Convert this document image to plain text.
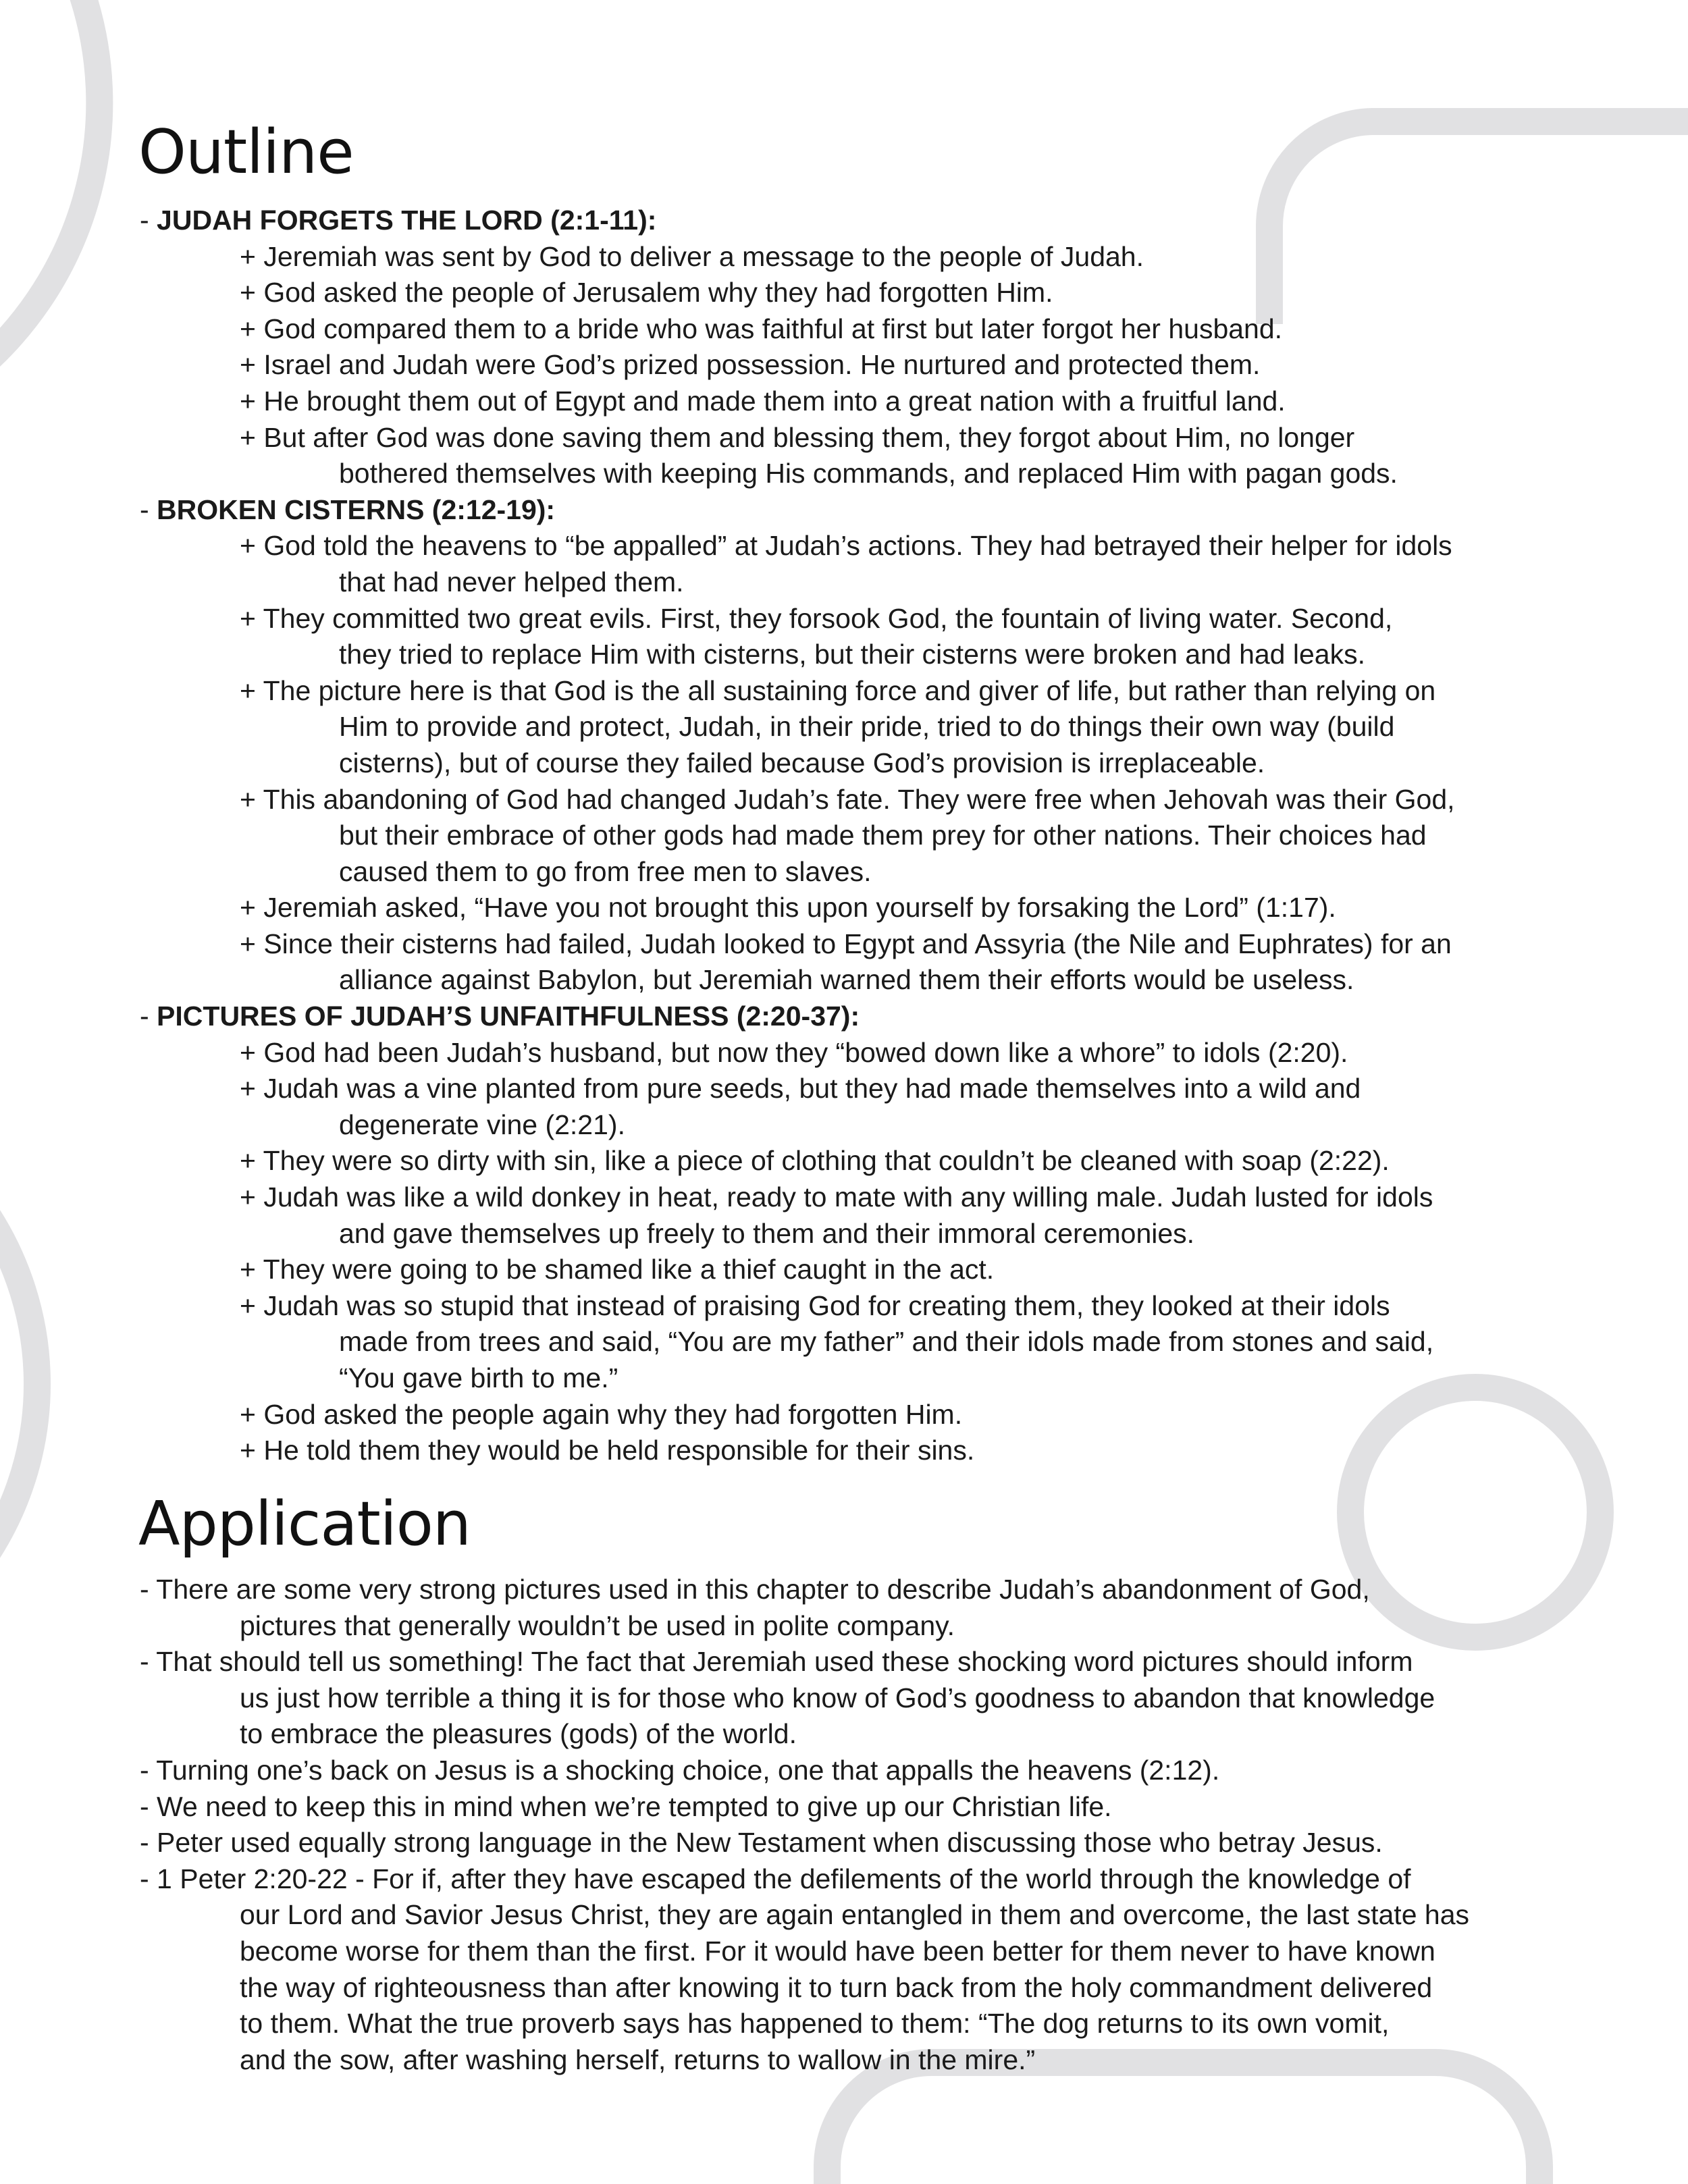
Outline
- JUDAH FORGETS THE LORD (2:1-11):
+ Jeremiah was sent by God to deliver a message to the people of Judah.
+ God asked the people of Jerusalem why they had forgotten Him.
+ God compared them to a bride who was faithful at first but later forgot her husband.
+ Israel and Judah were God’s prized possession. He nurtured and protected them.
+ He brought them out of Egypt and made them into a great nation with a fruitful land.
+ But after God was done saving them and blessing them, they forgot about Him, no longer
bothered themselves with keeping His commands, and replaced Him with pagan gods.
- BROKEN CISTERNS (2:12-19):
+ God told the heavens to “be appalled” at Judah’s actions. They had betrayed their helper for idols
that had never helped them.
+ They committed two great evils. First, they forsook God, the fountain of living water. Second,
they tried to replace Him with cisterns, but their cisterns were broken and had leaks.
+ The picture here is that God is the all sustaining force and giver of life, but rather than relying on
Him to provide and protect, Judah, in their pride, tried to do things their own way (build
cisterns), but of course they failed because God’s provision is irreplaceable.
+ This abandoning of God had changed Judah’s fate. They were free when Jehovah was their God,
but their embrace of other gods had made them prey for other nations. Their choices had
caused them to go from free men to slaves.
+ Jeremiah asked, “Have you not brought this upon yourself by forsaking the Lord” (1:17).
+ Since their cisterns had failed, Judah looked to Egypt and Assyria (the Nile and Euphrates) for an
alliance against Babylon, but Jeremiah warned them their efforts would be useless.
- PICTURES OF JUDAH’S UNFAITHFULNESS (2:20-37):
+ God had been Judah’s husband, but now they “bowed down like a whore” to idols (2:20).
+ Judah was a vine planted from pure seeds, but they had made themselves into a wild and
degenerate vine (2:21).
+ They were so dirty with sin, like a piece of clothing that couldn’t be cleaned with soap (2:22).
+ Judah was like a wild donkey in heat, ready to mate with any willing male. Judah lusted for idols
and gave themselves up freely to them and their immoral ceremonies.
+ They were going to be shamed like a thief caught in the act.
+ Judah was so stupid that instead of praising God for creating them, they looked at their idols
made from trees and said, “You are my father” and their idols made from stones and said,
“You gave birth to me.”
+ God asked the people again why they had forgotten Him.
+ He told them they would be held responsible for their sins.
Application
- There are some very strong pictures used in this chapter to describe Judah’s abandonment of God,
pictures that generally wouldn’t be used in polite company.
- That should tell us something! The fact that Jeremiah used these shocking word pictures should inform
us just how terrible a thing it is for those who know of God’s goodness to abandon that knowledge
to embrace the pleasures (gods) of the world.
- Turning one’s back on Jesus is a shocking choice, one that appalls the heavens (2:12).
- We need to keep this in mind when we’re tempted to give up our Christian life.
- Peter used equally strong language in the New Testament when discussing those who betray Jesus.
- 1 Peter 2:20-22 - For if, after they have escaped the defilements of the world through the knowledge of
our Lord and Savior Jesus Christ, they are again entangled in them and overcome, the last state has
become worse for them than the first. For it would have been better for them never to have known
the way of righteousness than after knowing it to turn back from the holy commandment delivered
to them. What the true proverb says has happened to them: “The dog returns to its own vomit,
and the sow, after washing herself, returns to wallow in the mire.”
